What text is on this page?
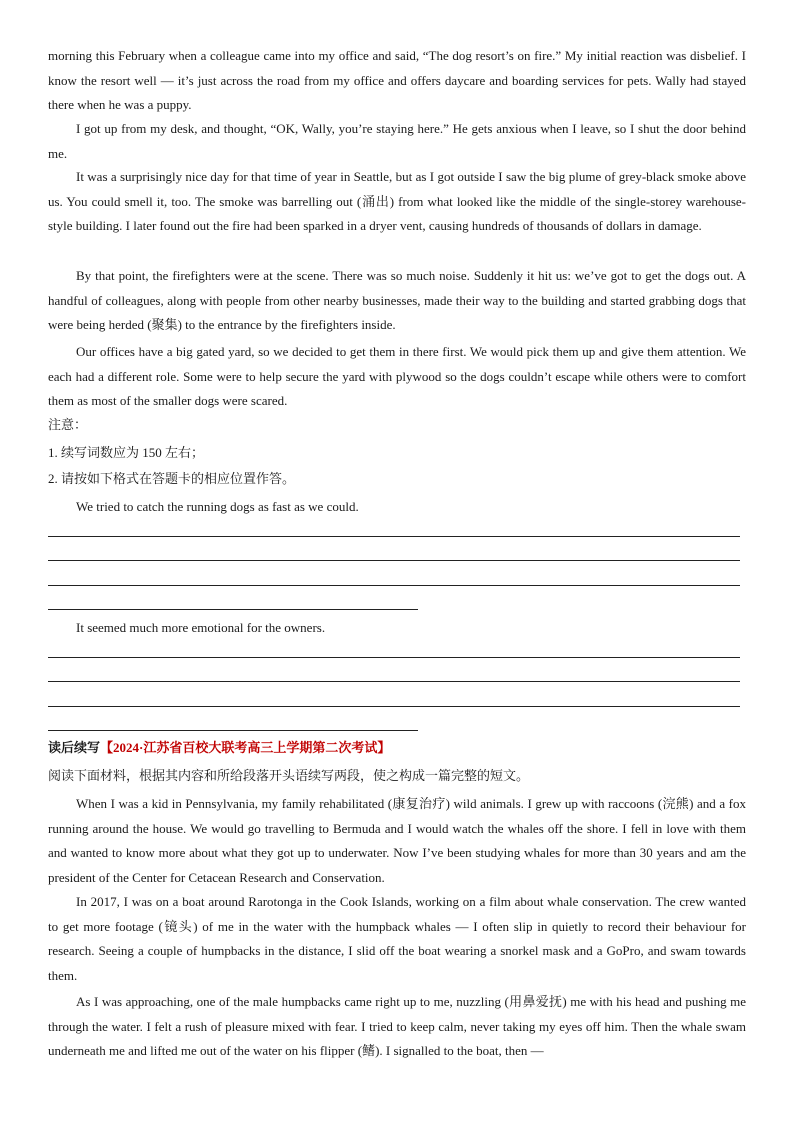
morning this February when a colleague came into my office and said, “The dog resort’s on fire.” My initial reaction was disbelief. I know the resort well — it’s just across the road from my office and offers daycare and boarding services for pets. Wally had stayed there when he was a puppy.

I got up from my desk, and thought, “OK, Wally, you’re staying here.” He gets anxious when I leave, so I shut the door behind me.

It was a surprisingly nice day for that time of year in Seattle, but as I got outside I saw the big plume of grey-black smoke above us. You could smell it, too. The smoke was barrelling out (涌出) from what looked like the middle of the single-storey warehouse-style building. I later found out the fire had been sparked in a dryer vent, causing hundreds of thousands of dollars in damage.

By that point, the firefighters were at the scene. There was so much noise. Suddenly it hit us: we’ve got to get the dogs out. A handful of colleagues, along with people from other nearby businesses, made their way to the building and started grabbing dogs that were being herded (聚集) to the entrance by the firefighters inside.

Our offices have a big gated yard, so we decided to get them in there first. We would pick them up and give them attention. We each had a different role. Some were to help secure the yard with plywood so the dogs couldn’t escape while others were to comfort them as most of the smaller dogs were scared.

注意：

1. 续写词数应为 150 左右；

2. 请按如下格式在答题卡的相应位置作答。

We tried to catch the running dogs as fast as we could.

It seemed much more emotional for the owners.

读后续写【2024·江苏省百校大联考高三上学期第二次考试】

阅读下面材料，根据其内容和所给段落开头语续写两段，使之构成一篇完整的短文。

When I was a kid in Pennsylvania, my family rehabilitated (康复治疗) wild animals. I grew up with raccoons (浣熊) and a fox running around the house. We would go travelling to Bermuda and I would watch the whales off the shore. I fell in love with them and wanted to know more about what they got up to underwater. Now I’ve been studying whales for more than 30 years and am the president of the Center for Cetacean Research and Conservation.

In 2017, I was on a boat around Rarotonga in the Cook Islands, working on a film about whale conservation. The crew wanted to get more footage (镜头) of me in the water with the humpback whales — I often slip in quietly to record their behaviour for research. Seeing a couple of humpbacks in the distance, I slid off the boat wearing a snorkel mask and a GoPro, and swam towards them.

As I was approaching, one of the male humpbacks came right up to me, nuzzling (用鼻爱抚) me with his head and pushing me through the water. I felt a rush of pleasure mixed with fear. I tried to keep calm, never taking my eyes off him. Then the whale swam underneath me and lifted me out of the water on his flipper (鳍). I signalled to the boat, then —
